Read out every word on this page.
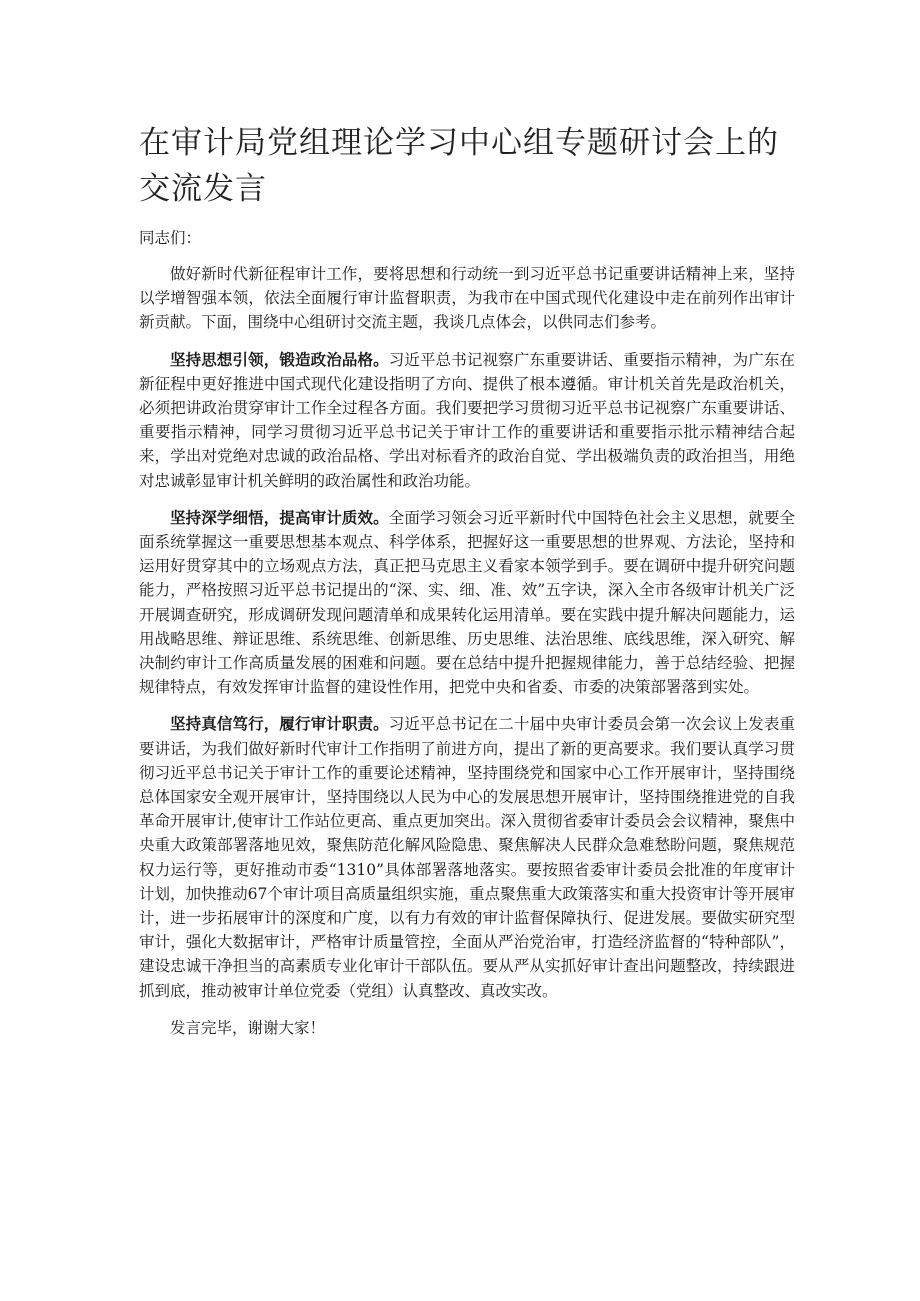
在审计局党组理论学习中心组专题研讨会上的交流发言

同志们：

做好新时代新征程审计工作，要将思想和行动统一到习近平总书记重要讲话精神上来，坚持以学增智强本领，依法全面履行审计监督职责，为我市在中国式现代化建设中走在前列作出审计新贡献。下面，围绕中心组研讨交流主题，我谈几点体会，以供同志们参考。

坚持思想引领，锻造政治品格。习近平总书记视察广东重要讲话、重要指示精神，为广东在新征程中更好推进中国式现代化建设指明了方向、提供了根本遵循。审计机关首先是政治机关，必须把讲政治贯穿审计工作全过程各方面。我们要把学习贯彻习近平总书记视察广东重要讲话、重要指示精神，同学习贯彻习近平总书记关于审计工作的重要讲话和重要指示批示精神结合起来，学出对党绝对忠诚的政治品格、学出对标看齐的政治自觉、学出极端负责的政治担当，用绝对忠诚彰显审计机关鲜明的政治属性和政治功能。

坚持深学细悟，提高审计质效。全面学习领会习近平新时代中国特色社会主义思想，就要全面系统掌握这一重要思想基本观点、科学体系，把握好这一重要思想的世界观、方法论，坚持和运用好贯穿其中的立场观点方法，真正把马克思主义看家本领学到手。要在调研中提升研究问题能力，严格按照习近平总书记提出的“深、实、细、准、效”五字诀，深入全市各级审计机关广泛开展调查研究，形成调研发现问题清单和成果转化运用清单。要在实践中提升解决问题能力，运用战略思维、辩证思维、系统思维、创新思维、历史思维、法治思维、底线思维，深入研究、解决制约审计工作高质量发展的困难和问题。要在总结中提升把握规律能力，善于总结经验、把握规律特点，有效发挥审计监督的建设性作用，把党中央和省委、市委的决策部署落到实处。

坚持真信笃行，履行审计职责。习近平总书记在二十届中央审计委员会第一次会议上发表重要讲话，为我们做好新时代审计工作指明了前进方向，提出了新的更高要求。我们要认真学习贯彻习近平总书记关于审计工作的重要论述精神，坚持围绕党和国家中心工作开展审计，坚持围绕总体国家安全观开展审计，坚持围绕以人民为中心的发展思想开展审计，坚持围绕推进党的自我革命开展审计,使审计工作站位更高、重点更加突出。深入贯彻省委审计委员会会议精神，聚焦中央重大政策部署落地见效，聚焦防范化解风险隐患、聚焦解决人民群众急难愁盼问题，聚焦规范权力运行等，更好推动市委“1310”具体部署落地落实。要按照省委审计委员会批准的年度审计计划，加快推动67个审计项目高质量组织实施，重点聚焦重大政策落实和重大投资审计等开展审计，进一步拓展审计的深度和广度，以有力有效的审计监督保障执行、促进发展。要做实研究型审计，强化大数据审计，严格审计质量管控，全面从严治党治审，打造经济监督的“特种部队”，建设忠诚干净担当的高素质专业化审计干部队伍。要从严从实抓好审计查出问题整改，持续跟进抓到底，推动被审计单位党委（党组）认真整改、真改实改。

发言完毕，谢谢大家！
